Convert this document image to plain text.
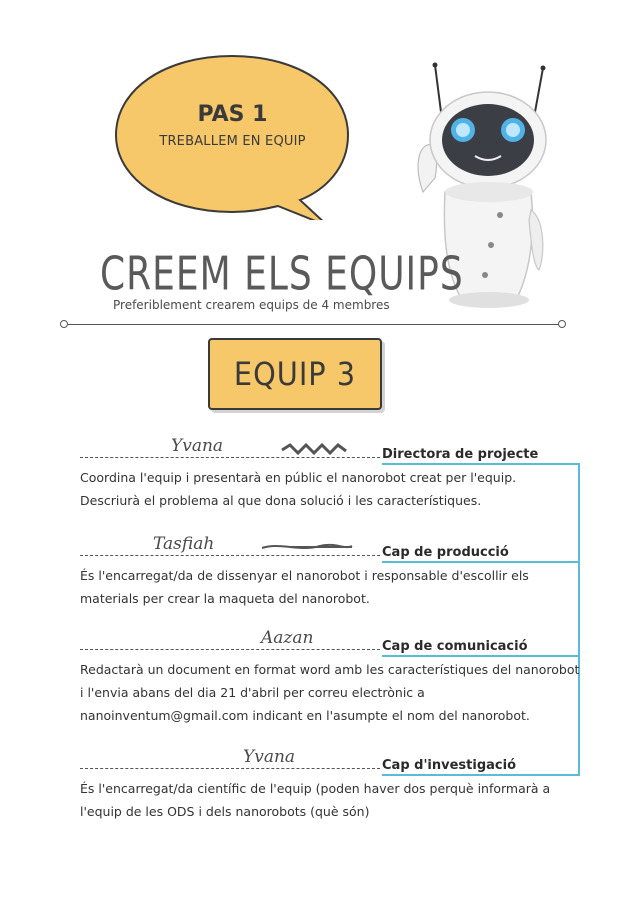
PAS 1
TREBALLEM EN EQUIP
CREEM ELS EQUIPS
Preferiblement crearem equips de 4 membres
EQUIP 3
Yvana	Directora de projecte
Coordina l'equip i presentarà en públic el nanorobot creat per l'equip. Descriurà el problema al que dona solució i les característiques.
Tasfiah	Cap de producció
És l'encarregat/da de dissenyar el nanorobot i responsable d'escollir els materials per crear la maqueta del nanorobot.
Aazan	Cap de comunicació
Redactarà un document en format word amb les característiques del nanorobot i l'envia abans del dia 21 d'abril per correu electrònic a nanoinventum@gmail.com indicant en l'asumpte el nom del nanorobot.
Yvana	Cap d'investigació
És l'encarregat/da científic de l'equip (poden haver dos perquè informarà a l'equip de les ODS i dels nanorobots (què són)
